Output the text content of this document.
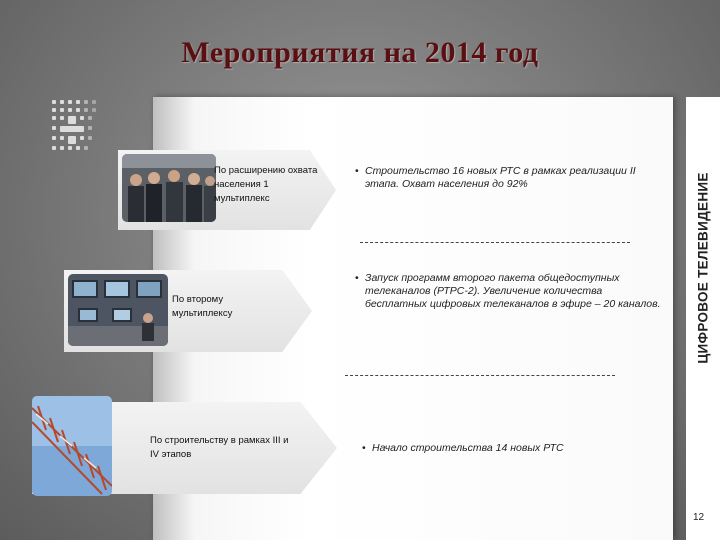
Мероприятия на 2014 год
ЦИФРОВОЕ ТЕЛЕВИДЕНИЕ
По расширению охвата населения 1 мультиплекс
• Строительство 16 новых РТС в рамках реализации II этапа. Охват населения до 92%
По второму мультиплексу
• Запуск программ второго пакета общедоступных телеканалов (РТРС-2). Увеличение количества бесплатных цифровых телеканалов в эфире – 20 каналов.
По строительству в рамках III и IV этапов
• Начало строительства 14 новых РТС
12
